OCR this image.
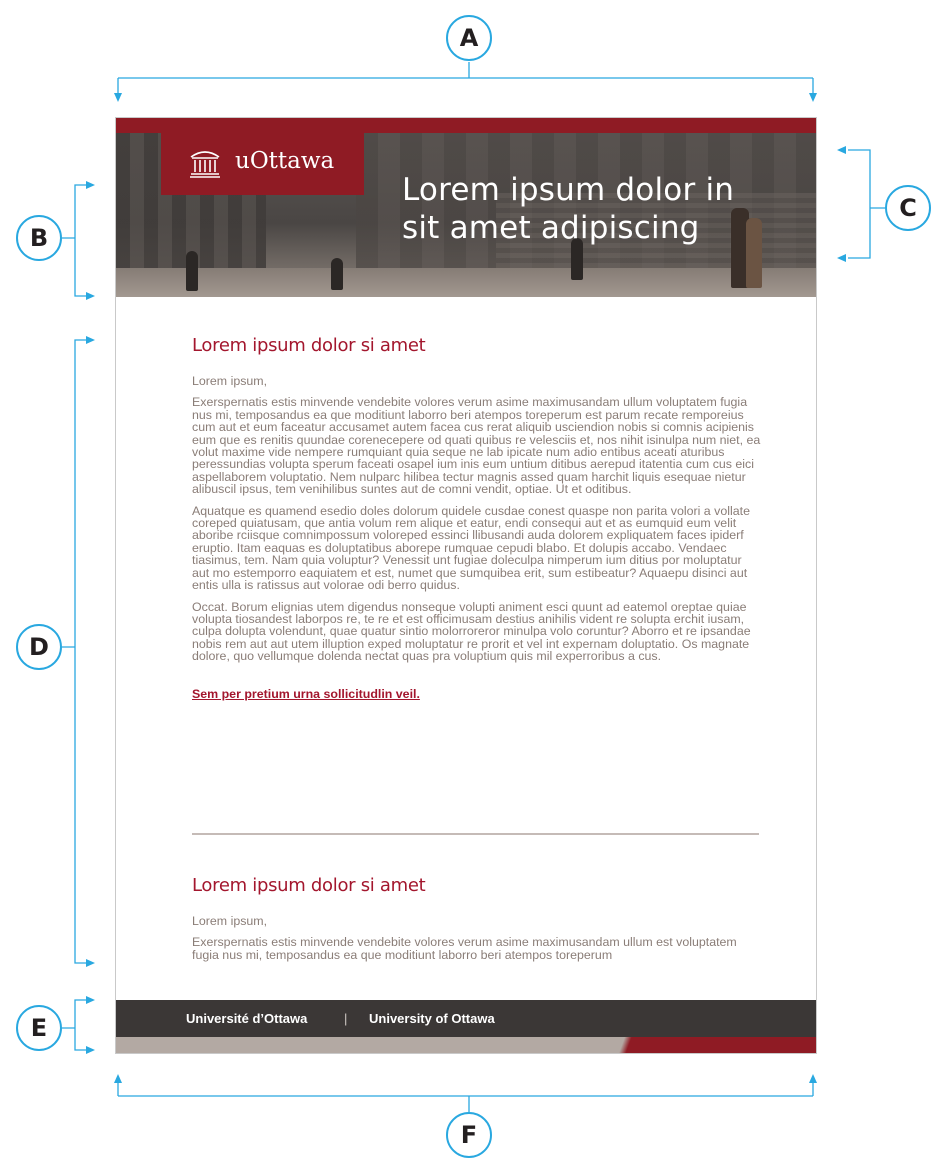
A
B
C
D
E
F
uOttawa
Lorem ipsum dolor in
sit amet adipiscing
Lorem ipsum dolor si amet

Lorem ipsum,

Exerspernatis estis minvende vendebite volores verum asime maximusandam ullum voluptatem fugia nus mi, temposandus ea que moditiunt laborro beri atempos toreperum est parum recate remporeius cum aut et eum faceatur accusamet autem facea cus rerat aliquib usciendion nobis si comnis acipienis eum que es renitis quundae corenecepere od quati quibus re velesciis et, nos nihit isinulpa num niet, ea volut maxime vide nempere rumquiant quia seque ne lab ipicate num adio entibus aceati aturibus peressundias volupta sperum faceati osapel ium inis eum untium ditibus aerepud itatentia cum cus eici aspellaborem voluptatio. Nem nulparc hilibea tectur magnis assed quam harchit liquis esequae nietur alibuscil ipsus, tem venihilibus suntes aut de comni vendit, optiae. Ut et oditibus.

Aquatque es quamend esedio doles dolorum quidele cusdae conest quaspe non parita volori a vollate coreped quiatusam, que antia volum rem alique et eatur, endi consequi aut et as eumquid eum velit aboribe rciisque comnimpossum voloreped essinci llibusandi auda dolorem expliquatem faces ipiderf eruptio. Itam eaquas es doluptatibus aborepe rumquae cepudi blabo. Et dolupis accabo. Vendaec tiasimus, tem. Nam quia voluptur? Venessit unt fugiae doleculpa nimperum ium ditius por moluptatur aut mo estemporro eaquiatem et est, numet que sumquibea erit, sum estibeatur? Aquaepu disinci aut entis ulla is ratissus aut volorae odi berro quidus.

Occat. Borum elignias utem digendus nonseque volupti animent esci quunt ad eatemol oreptae quiae volupta tiosandest laborpos re, te re et est officimusam destius anihilis vident re solupta erchit iusam, culpa dolupta volendunt, quae quatur sintio molorroreror minulpa volo coruntur? Aborro et re ipsandae nobis rem aut aut utem illuption exped moluptatur re prorit et vel int expernam doluptatio. Os magnate dolore, quo vellumque dolenda nectat quas pra voluptium quis mil experroribus a cus.

Sem per pretium urna sollicitudlin veil.
Lorem ipsum dolor si amet

Lorem ipsum,

Exerspernatis estis minvende vendebite volores verum asime maximusandam ullum est voluptatem fugia nus mi, temposandus ea que moditiunt laborro beri atempos toreperum

Université d’Ottawa	| University of Ottawa
